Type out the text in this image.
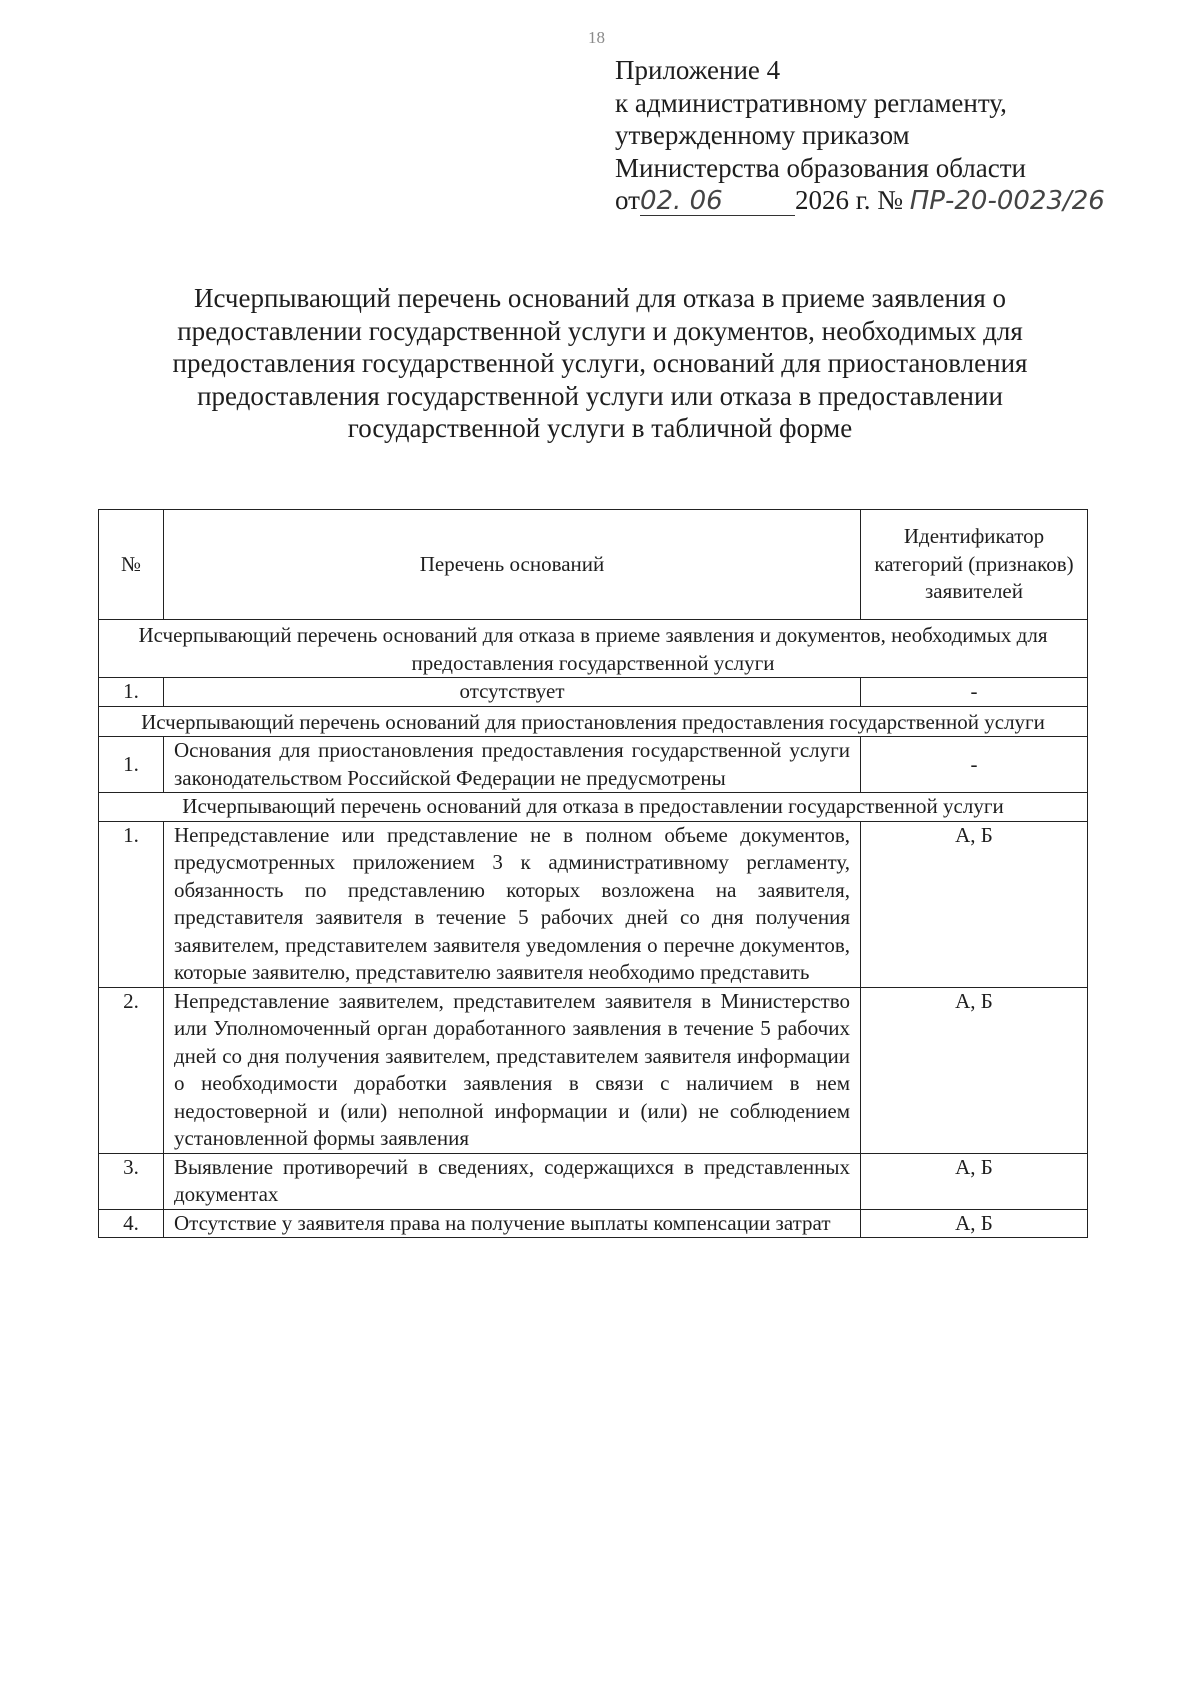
18
Приложение 4
к административному регламенту,
утвержденному приказом
Министерства образования области
от02. 06	2026 г. № ПР-20-0023/26
Исчерпывающий перечень оснований для отказа в приеме заявления о предоставлении государственной услуги и документов, необходимых для предоставления государственной услуги, оснований для приостановления предоставления государственной услуги или отказа в предоставлении государственной услуги в табличной форме
№	Перечень оснований	Идентификатор категорий (признаков) заявителей
Исчерпывающий перечень оснований для отказа в приеме заявления и документов, необходимых для предоставления государственной услуги		
1.	отсутствует	-
Исчерпывающий перечень оснований для приостановления предоставления государственной услуги		
1.	Основания для приостановления предоставления государственной услуги законодательством Российской Федерации не предусмотрены	-
Исчерпывающий перечень оснований для отказа в предоставлении государственной услуги		
1.	Непредставление или представление не в полном объеме документов, предусмотренных приложением 3 к административному регламенту, обязанность по представлению которых возложена на заявителя, представителя заявителя в течение 5 рабочих дней со дня получения заявителем, представителем заявителя уведомления о перечне документов, которые заявителю, представителю заявителя необходимо представить	А, Б
2.	Непредставление заявителем, представителем заявителя в Министерство или Уполномоченный орган доработанного заявления в течение 5 рабочих дней со дня получения заявителем, представителем заявителя информации о необходимости доработки заявления в связи с наличием в нем недостоверной и (или) неполной информации и (или) не соблюдением установленной формы заявления	А, Б
3.	Выявление противоречий в сведениях, содержащихся в представленных документах	А, Б
4.	Отсутствие у заявителя права на получение выплаты компенсации затрат	А, Б
